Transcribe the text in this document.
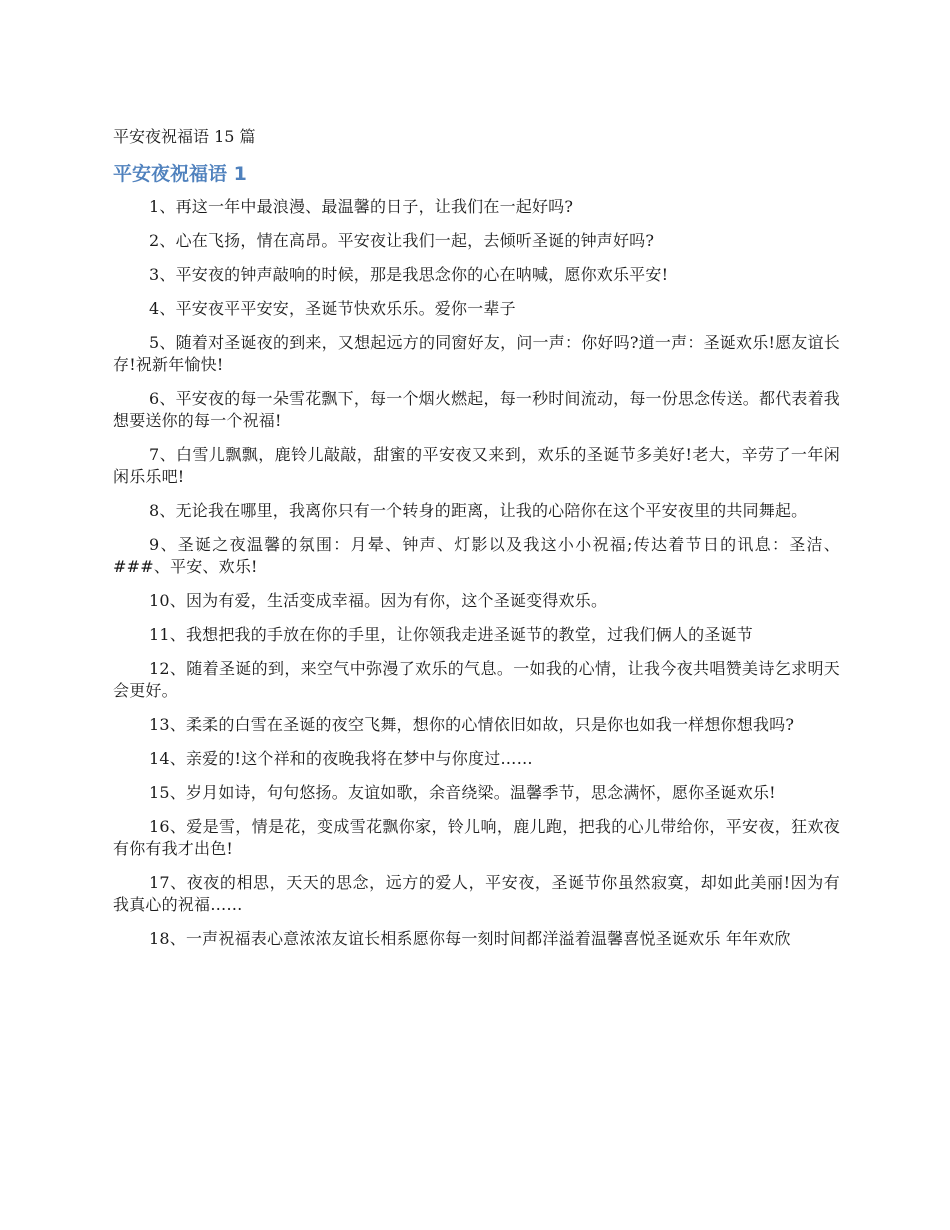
平安夜祝福语 15 篇
平安夜祝福语 1

1、再这一年中最浪漫、最温馨的日子，让我们在一起好吗?

2、心在飞扬，情在高昂。平安夜让我们一起，去倾听圣诞的钟声好吗?

3、平安夜的钟声敲响的时候，那是我思念你的心在呐喊，愿你欢乐平安!

4、平安夜平平安安，圣诞节快欢乐乐。爱你一辈子

5、随着对圣诞夜的到来，又想起远方的同窗好友，问一声：你好吗?道一声：圣诞欢乐!愿友谊长存!祝新年愉快!

6、平安夜的每一朵雪花飘下，每一个烟火燃起，每一秒时间流动，每一份思念传送。都代表着我想要送你的每一个祝福!

7、白雪儿飘飘，鹿铃儿敲敲，甜蜜的平安夜又来到，欢乐的圣诞节多美好!老大，辛劳了一年闲闲乐乐吧!

8、无论我在哪里，我离你只有一个转身的距离，让我的心陪你在这个平安夜里的共同舞起。

9、圣诞之夜温馨的氛围：月晕、钟声、灯影以及我这小小祝福;传达着节日的讯息：圣洁、###、平安、欢乐!

10、因为有爱，生活变成幸福。因为有你，这个圣诞变得欢乐。

11、我想把我的手放在你的手里，让你领我走进圣诞节的教堂，过我们俩人的圣诞节

12、随着圣诞的到，来空气中弥漫了欢乐的气息。一如我的心情，让我今夜共唱赞美诗乞求明天会更好。

13、柔柔的白雪在圣诞的夜空飞舞，想你的心情依旧如故，只是你也如我一样想你想我吗?

14、亲爱的!这个祥和的夜晚我将在梦中与你度过……

15、岁月如诗，句句悠扬。友谊如歌，余音绕梁。温馨季节，思念满怀，愿你圣诞欢乐!

16、爱是雪，情是花，变成雪花飘你家，铃儿响，鹿儿跑，把我的心儿带给你，平安夜，狂欢夜有你有我才出色!

17、夜夜的相思，天天的思念，远方的爱人，平安夜，圣诞节你虽然寂寞，却如此美丽!因为有我真心的祝福……

18、一声祝福表心意浓浓友谊长相系愿你每一刻时间都洋溢着温馨喜悦圣诞欢乐 年年欢欣
